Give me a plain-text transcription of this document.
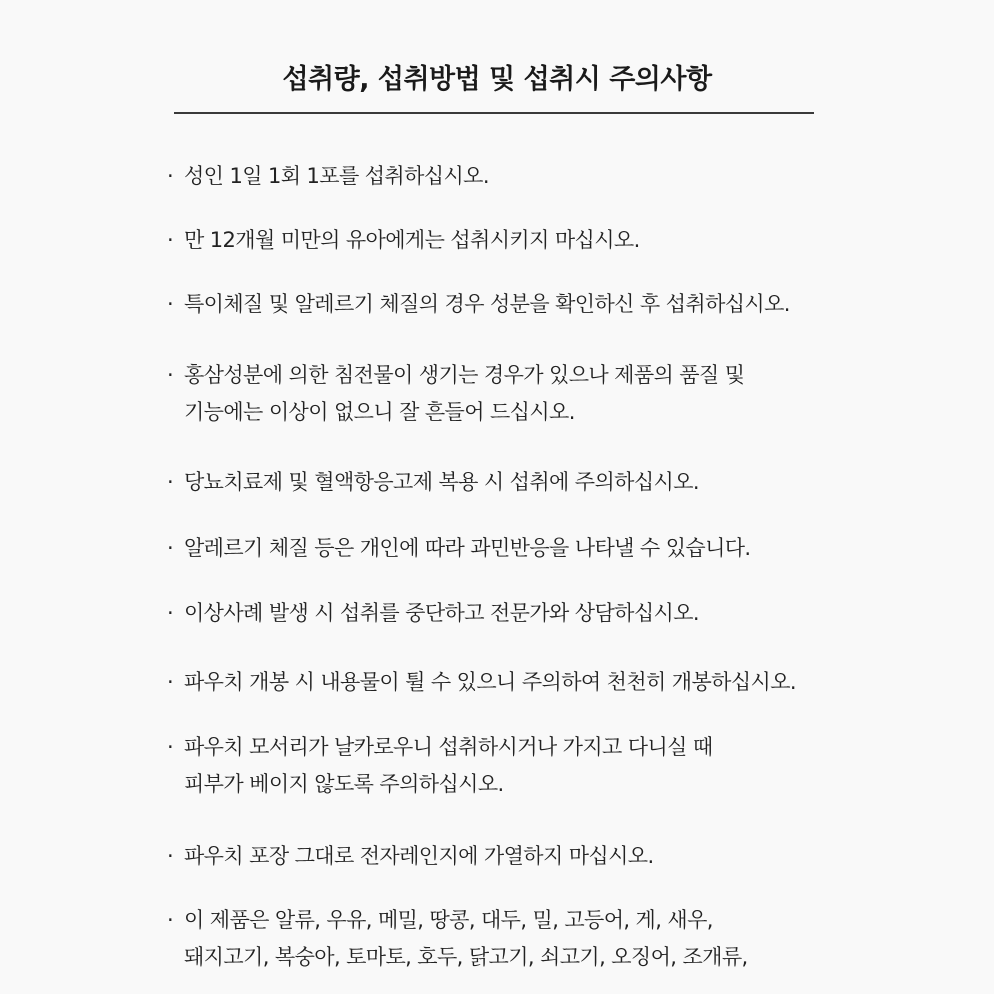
섭취량, 섭취방법 및 섭취시 주의사항
· 성인 1일 1회 1포를 섭취하십시오.
· 만 12개월 미만의 유아에게는 섭취시키지 마십시오.
· 특이체질 및 알레르기 체질의 경우 성분을 확인하신 후 섭취하십시오.
· 홍삼성분에 의한 침전물이 생기는 경우가 있으나 제품의 품질 및
기능에는 이상이 없으니 잘 흔들어 드십시오.
· 당뇨치료제 및 혈액항응고제 복용 시 섭취에 주의하십시오.
· 알레르기 체질 등은 개인에 따라 과민반응을 나타낼 수 있습니다.
· 이상사례 발생 시 섭취를 중단하고 전문가와 상담하십시오.
· 파우치 개봉 시 내용물이 튈 수 있으니 주의하여 천천히 개봉하십시오.
· 파우치 모서리가 날카로우니 섭취하시거나 가지고 다니실 때
피부가 베이지 않도록 주의하십시오.
· 파우치 포장 그대로 전자레인지에 가열하지 마십시오.
· 이 제품은 알류, 우유, 메밀, 땅콩, 대두, 밀, 고등어, 게, 새우,
돼지고기, 복숭아, 토마토, 호두, 닭고기, 쇠고기, 오징어, 조개류,
